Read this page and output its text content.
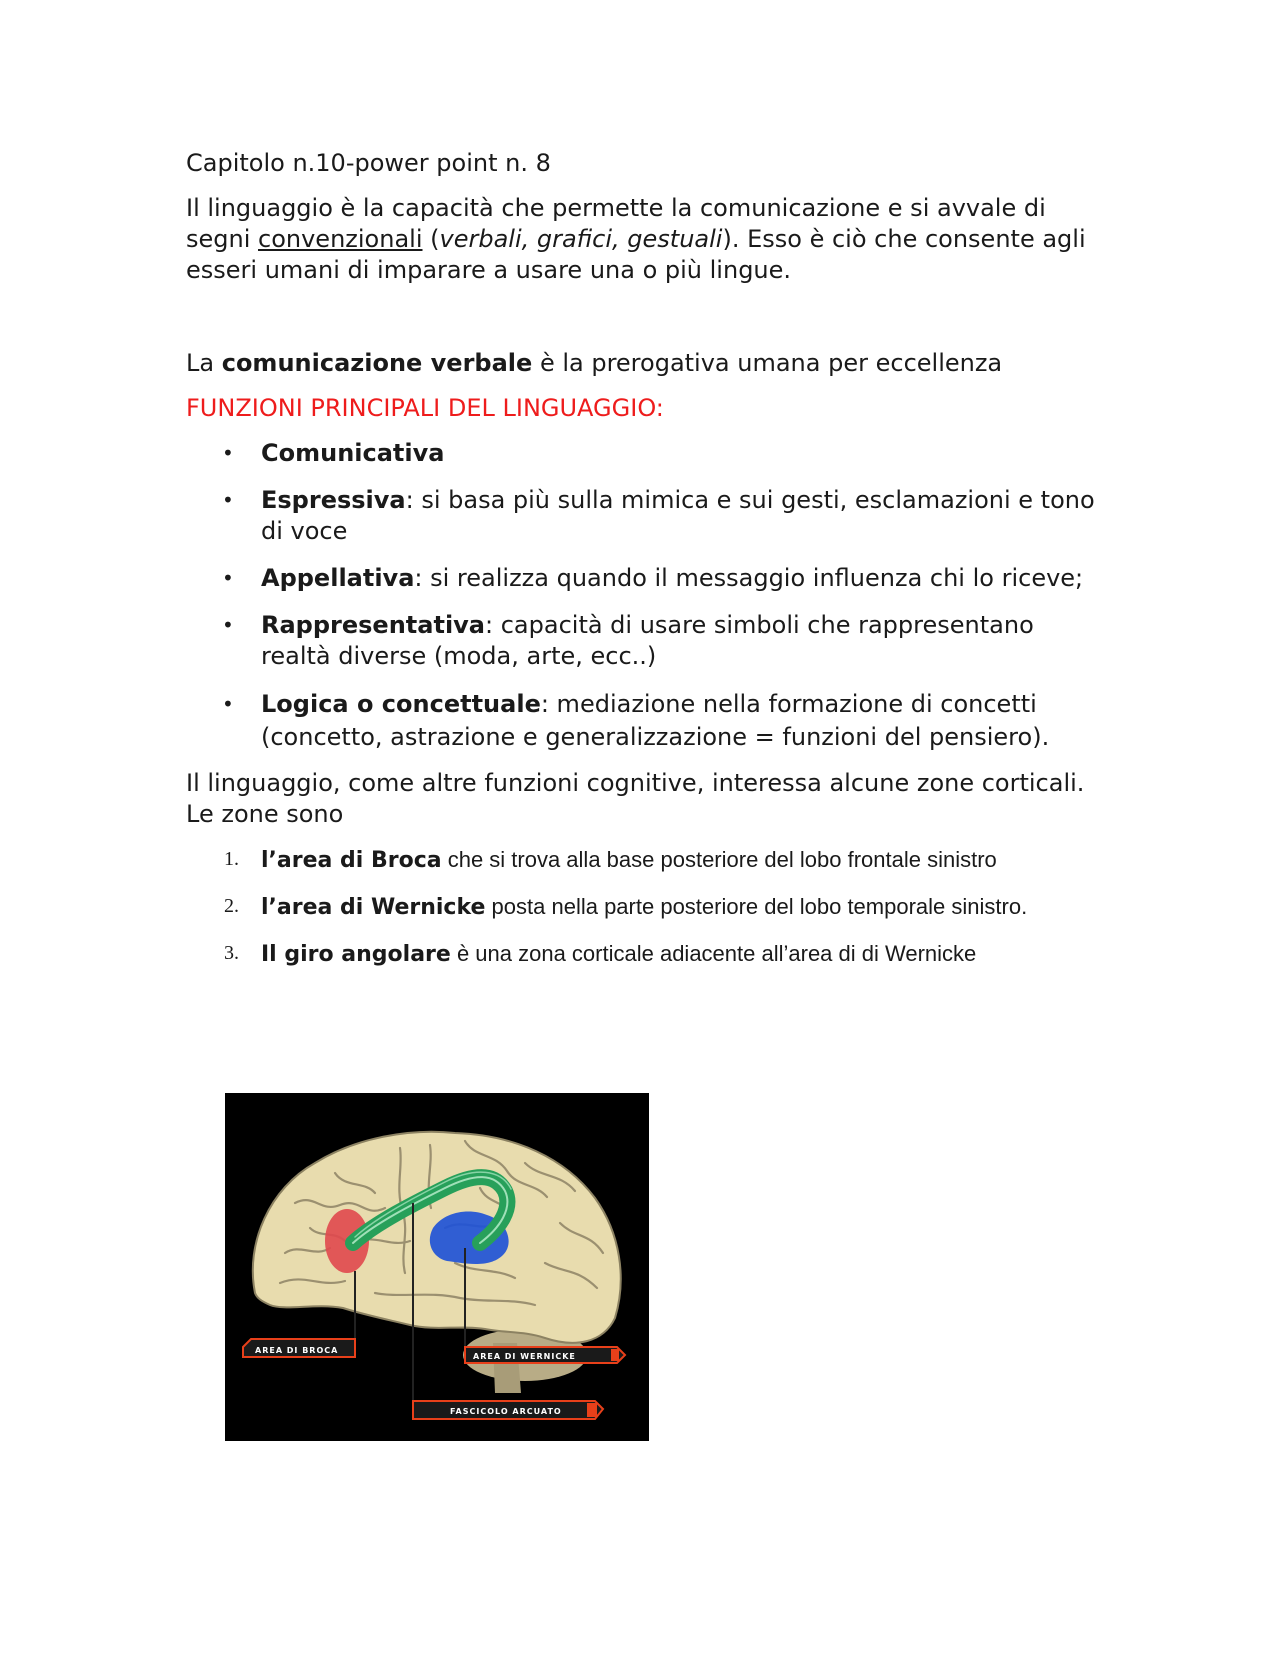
Capitolo n.10-power point n. 8

Il linguaggio è la capacità che permette la comunicazione e si avvale di segni convenzionali (verbali, grafici, gestuali). Esso è ciò che consente agli esseri umani di imparare a usare una o più lingue.

La comunicazione verbale è la prerogativa umana per eccellenza

FUNZIONI PRINCIPALI DEL LINGUAGGIO:

• Comunicativa
• Espressiva: si basa più sulla mimica e sui gesti, esclamazioni e tono di voce
• Appellativa: si realizza quando il messaggio influenza chi lo riceve;
• Rappresentativa: capacità di usare simboli che rappresentano realtà diverse (moda, arte, ecc..)
• Logica o concettuale: mediazione nella formazione di concetti (concetto, astrazione e generalizzazione = funzioni del pensiero).

Il linguaggio, come altre funzioni cognitive, interessa alcune zone corticali. Le zone sono

1. l’area di Broca che si trova alla base posteriore del lobo frontale sinistro
2. l’area di Wernicke posta nella parte posteriore del lobo temporale sinistro.
3. Il giro angolare è una zona corticale adiacente all’area di di Wernicke
AREA DI BROCA
AREA DI WERNICKE
FASCICOLO ARCUATO
